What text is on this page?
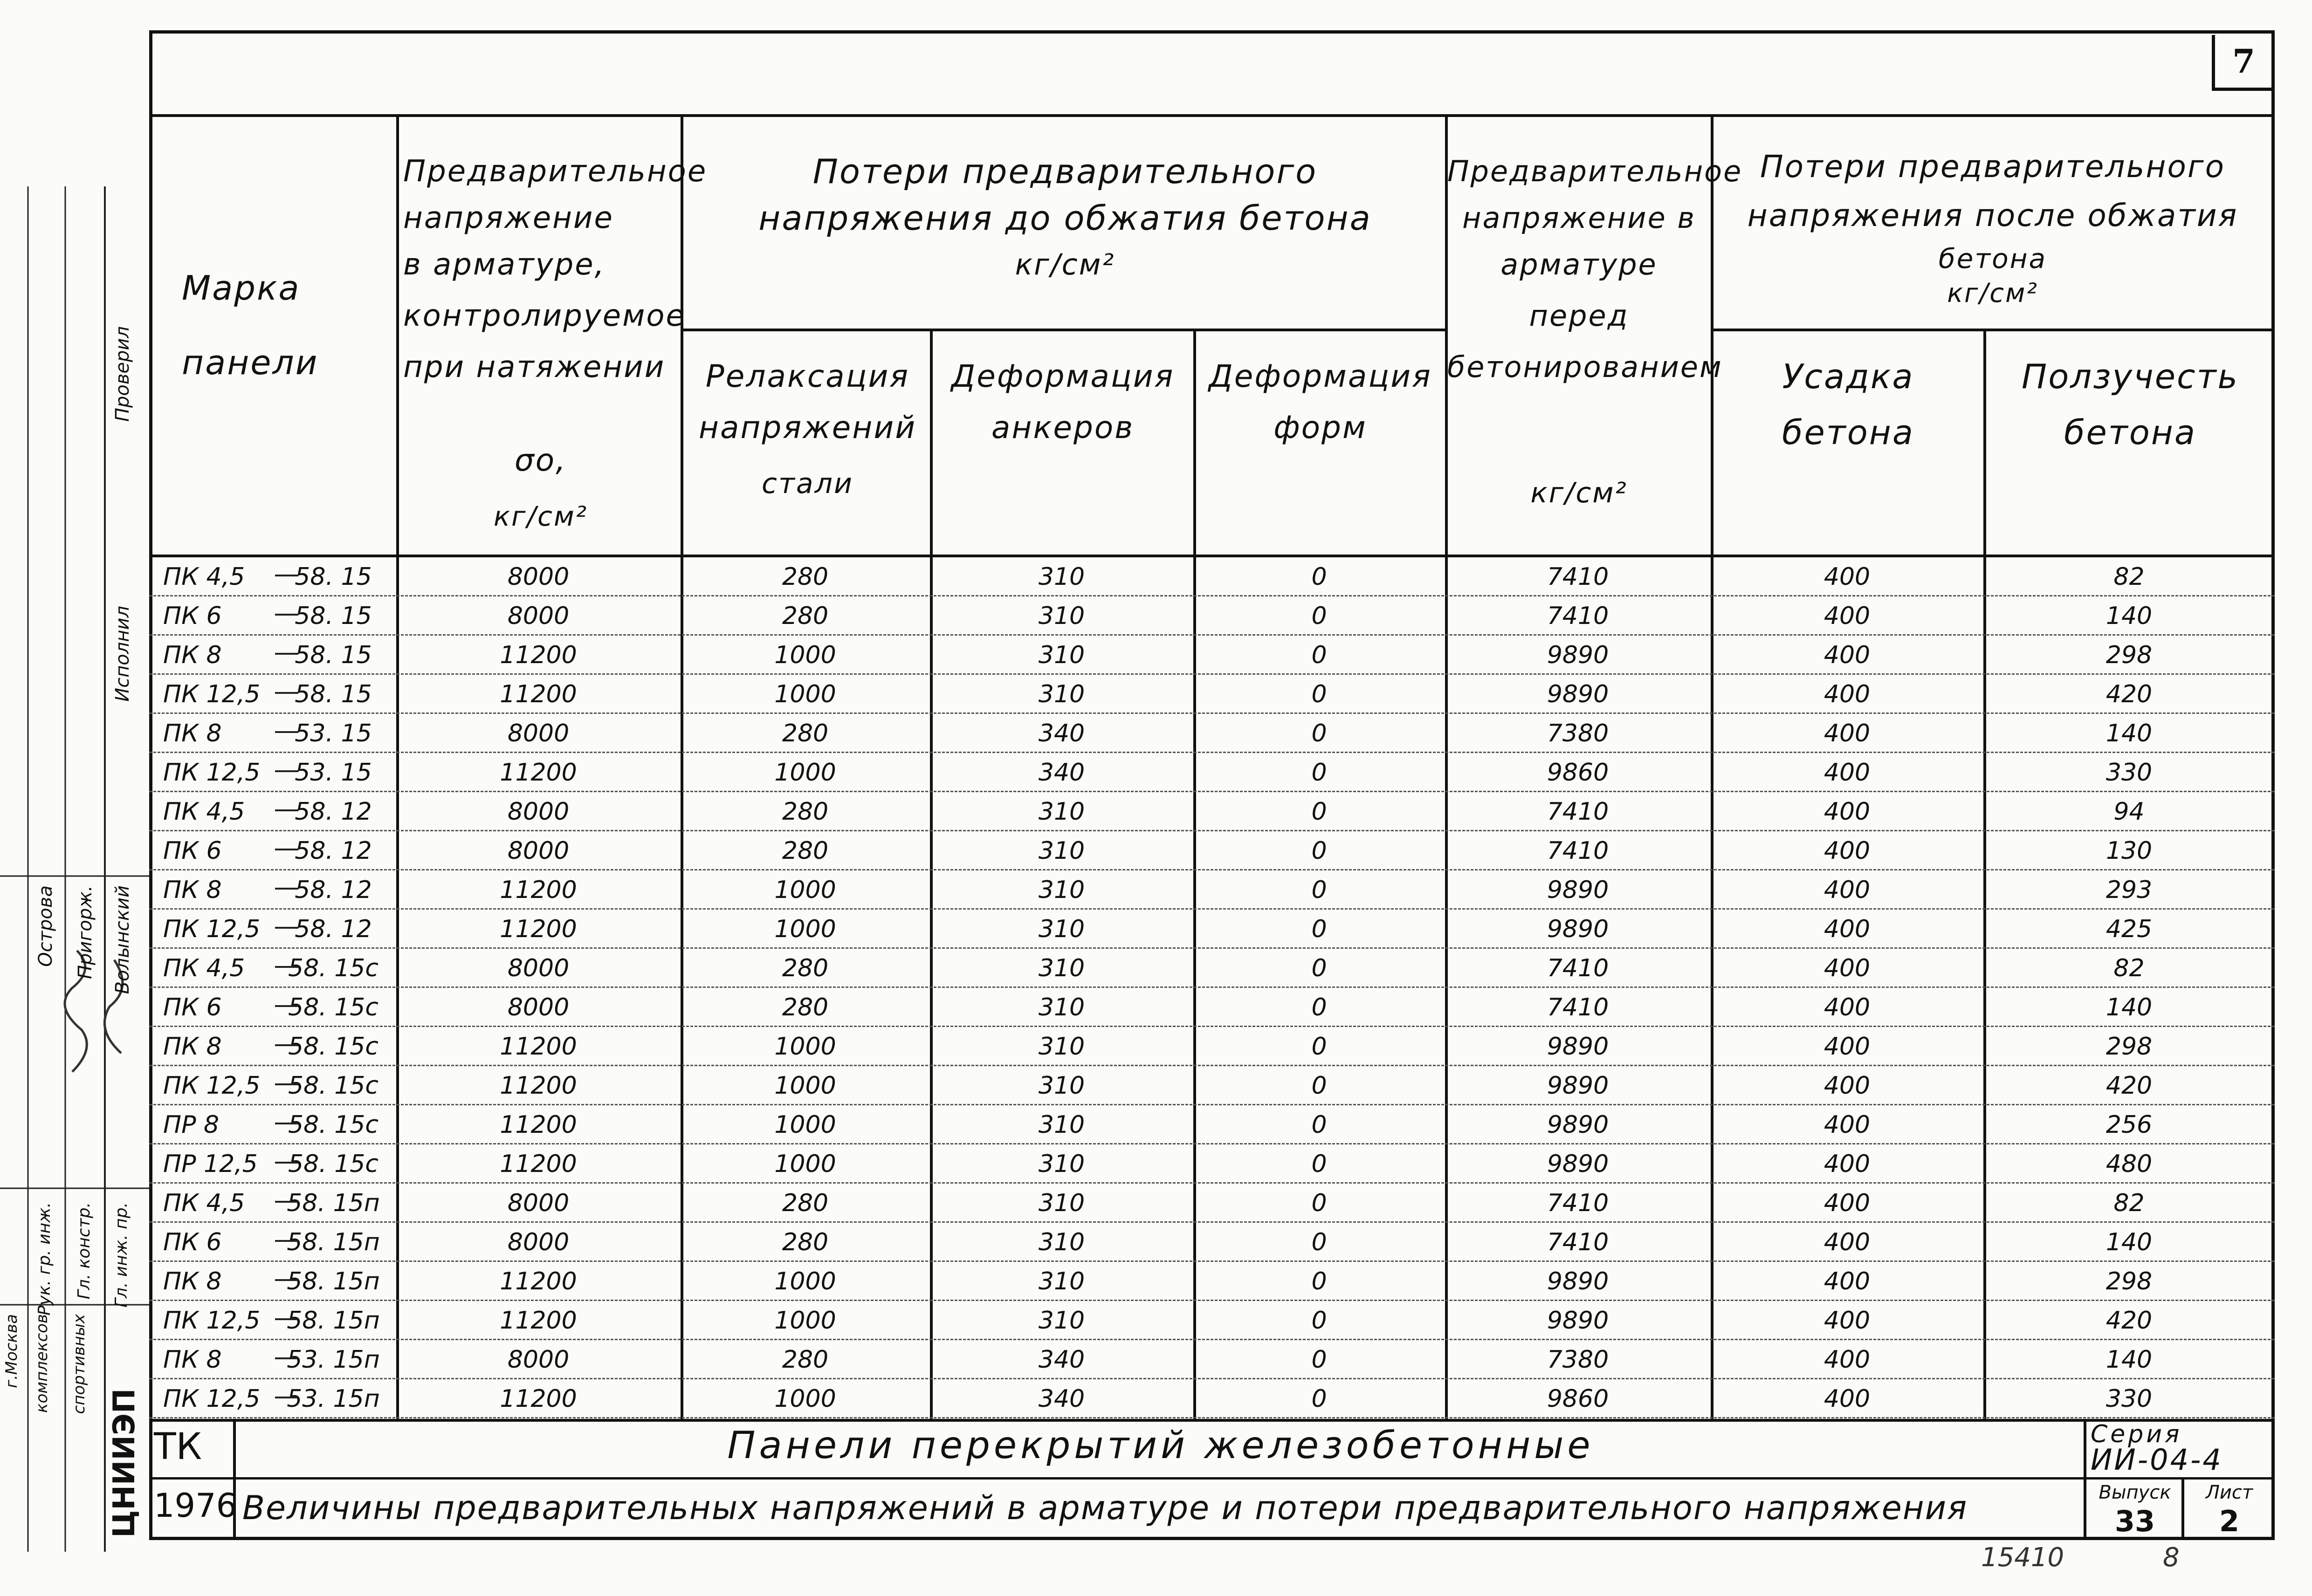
ЦНИИЭП
спортивных
комплексов
г.Москва
Гл. инж. пр.
Гл. констр.
Рук. гр. инж.
Волынский
Пригорж.
Острова
Исполнил
Проверил
7
Марка
панели
Предварительное
напряжение
в арматуре,
контролируемое
при натяжении
σо,
кг/см²
Потери предварительного
напряжения до обжатия бетона
кг/см²
Релаксация
напряжений
стали
Деформация
анкеров
Деформация
форм
Предварительное
напряжение в
арматуре
перед
бетонированием
кг/см²
Потери предварительного
напряжения после обжатия
бетона
кг/см²
Усадка
бетона
Ползучесть
бетона
ПК 4,5	58. 15	8000	280	310	0	7410	400	82
ПК 6	58. 15	8000	280	310	0	7410	400	140
ПК 8	58. 15	11200	1000	310	0	9890	400	298
ПК 12,5	58. 15	11200	1000	310	0	9890	400	420
ПК 8	53. 15	8000	280	340	0	7380	400	140
ПК 12,5	53. 15	11200	1000	340	0	9860	400	330
ПК 4,5	58. 12	8000	280	310	0	7410	400	94
ПК 6	58. 12	8000	280	310	0	7410	400	130
ПК 8	58. 12	11200	1000	310	0	9890	400	293
ПК 12,5	58. 12	11200	1000	310	0	9890	400	425
ПК 4,5	58. 15с	8000	280	310	0	7410	400	82
ПК 6	58. 15с	8000	280	310	0	7410	400	140
ПК 8	58. 15с	11200	1000	310	0	9890	400	298
ПК 12,5	58. 15с	11200	1000	310	0	9890	400	420
ПР 8	58. 15с	11200	1000	310	0	9890	400	256
ПР 12,5	58. 15с	11200	1000	310	0	9890	400	480
ПК 4,5	58. 15п	8000	280	310	0	7410	400	82
ПК 6	58. 15п	8000	280	310	0	7410	400	140
ПК 8	58. 15п	11200	1000	310	0	9890	400	298
ПК 12,5	58. 15п	11200	1000	310	0	9890	400	420
ПК 8	53. 15п	8000	280	340	0	7380	400	140
ПК 12,5	53. 15п	11200	1000	340	0	9860	400	330
ТК
1976
Панели перекрытий железобетонные
Величины предварительных напряжений в арматуре и потери предварительного напряжения
Серия
ИИ-04-4
Выпуск
33
Лист
2
15410	8
